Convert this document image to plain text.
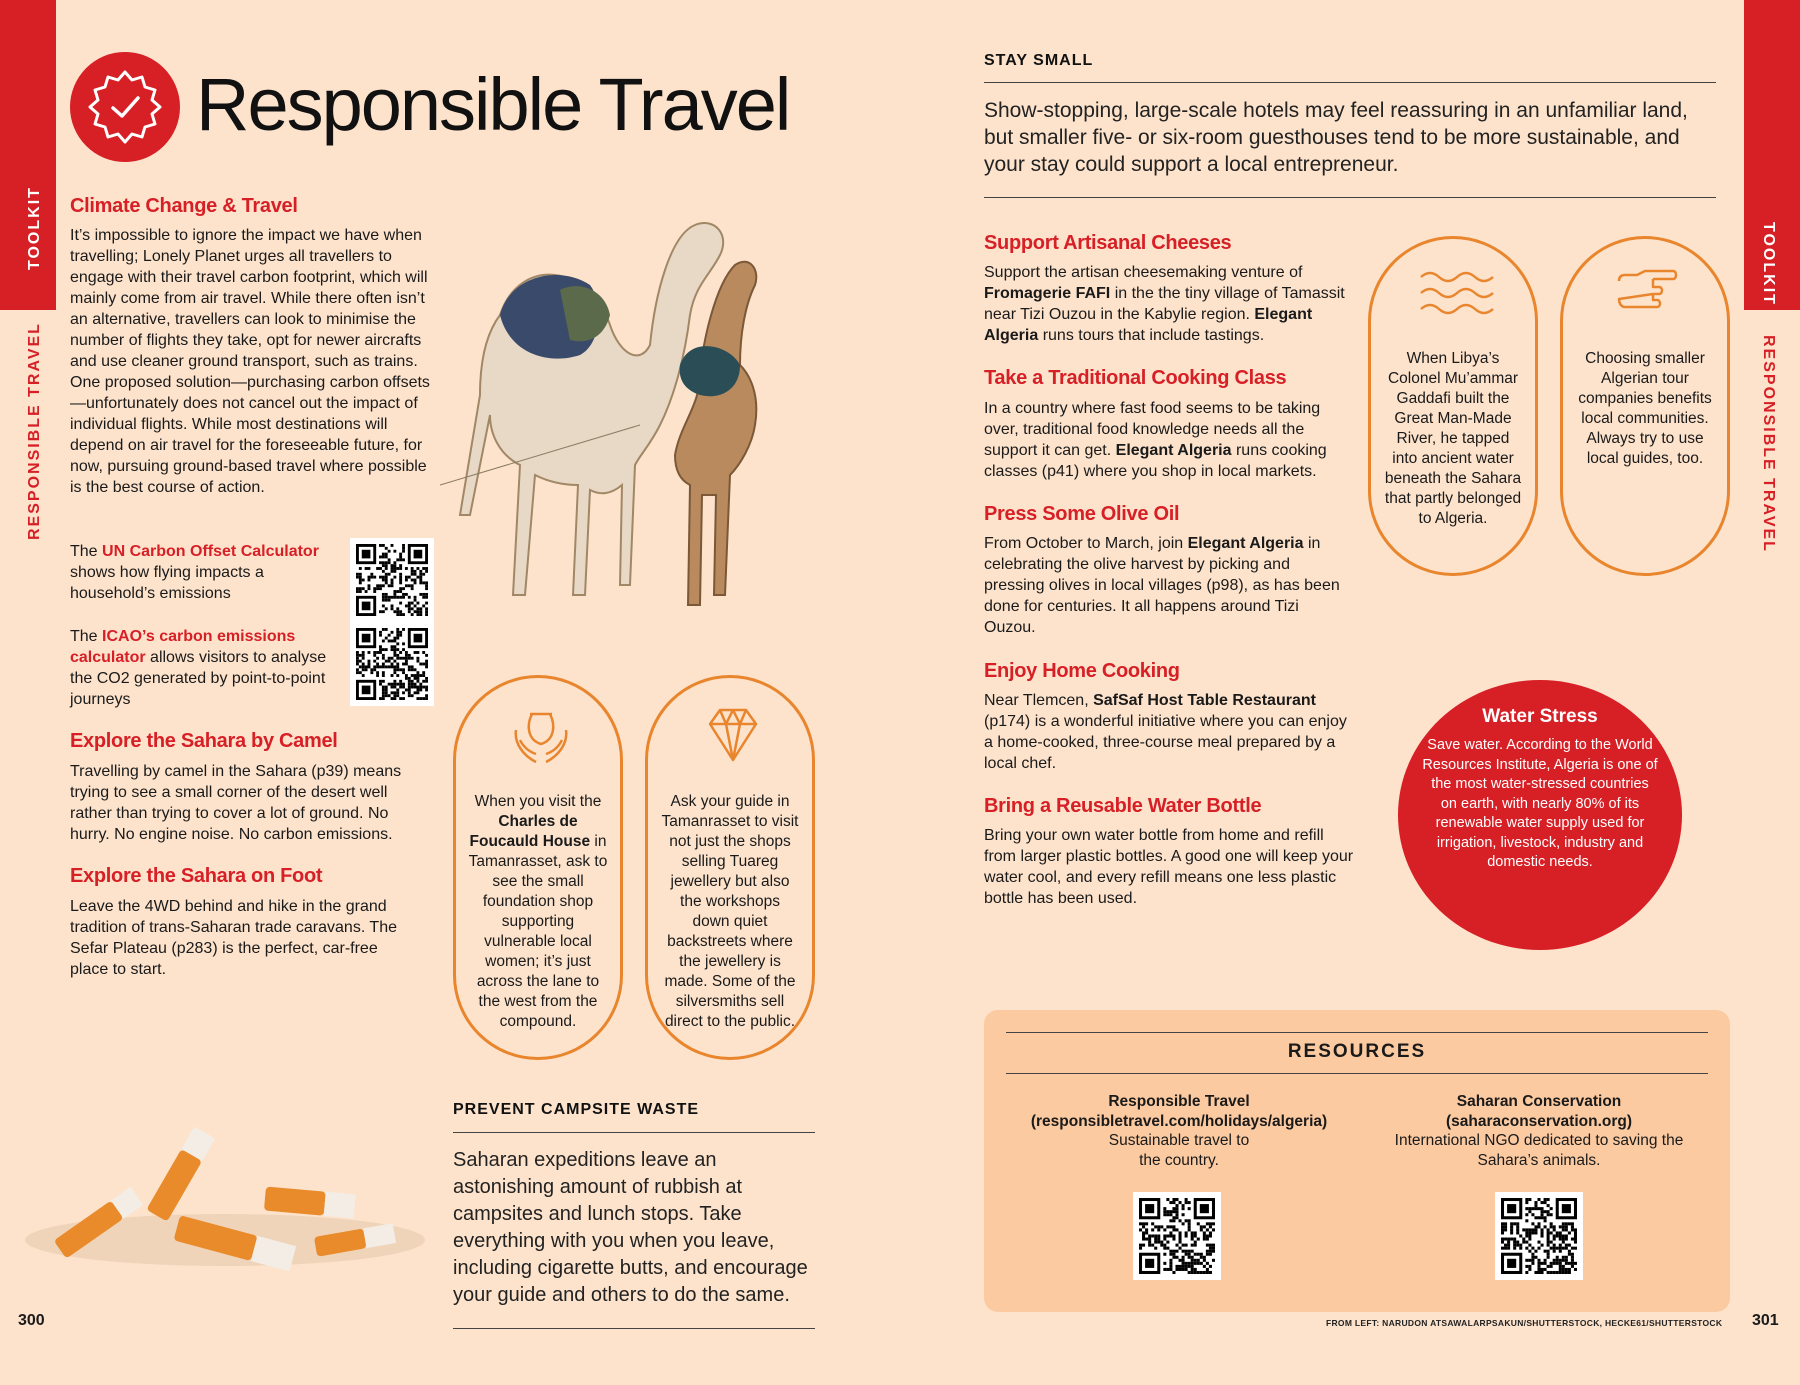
TOOLKIT
RESPONSIBLE TRAVEL
TOOLKIT
RESPONSIBLE TRAVEL
Responsible Travel
Climate Change & Travel

It’s impossible to ignore the impact we have when travelling; Lonely Planet urges all travellers to engage with their travel carbon footprint, which will mainly come from air travel. While there often isn’t an alternative, travellers can look to minimise the number of flights they take, opt for newer aircrafts and use cleaner ground transport, such as trains. One proposed solution—purchasing carbon offsets—unfortunately does not cancel out the impact of individual flights. While most destinations will depend on air travel for the foreseeable future, for now, pursuing ground-based travel where possible is the best course of action.

The UN Carbon Offset Calculator shows how flying impacts a household’s emissions

The ICAO’s carbon emissions calculator allows visitors to analyse the CO2 generated by point-to-point journeys

Explore the Sahara by Camel

Travelling by camel in the Sahara (p39) means trying to see a small corner of the desert well rather than trying to cover a lot of ground. No hurry. No engine noise. No carbon emissions.

Explore the Sahara on Foot

Leave the 4WD behind and hike in the grand tradition of trans-Saharan trade caravans. The Sefar Plateau (p283) is the perfect, car-free place to start.

When you visit the Charles de Foucauld House in Tamanrasset, ask to see the small foundation shop supporting vulnerable local women; it’s just across the lane to the west from the compound.
Ask your guide in Tamanrasset to visit not just the shops selling Tuareg jewellery but also the workshops down quiet backstreets where the jewellery is made. Some of the silversmiths sell direct to the public.
When Libya’s Colonel Mu’ammar Gaddafi built the Great Man-Made River, he tapped into ancient water beneath the Sahara that partly belonged to Algeria.
Choosing smaller Algerian tour companies benefits local communities. Always try to use local guides, too.
PREVENT CAMPSITE WASTE

Saharan expeditions leave an astonishing amount of rubbish at campsites and lunch stops. Take everything with you when you leave, including cigarette butts, and encourage your guide and others to do the same.

STAY SMALL

Show-stopping, large-scale hotels may feel reassuring in an unfamiliar land, but smaller five- or six-room guesthouses tend to be more sustainable, and your stay could support a local entrepreneur.

Support Artisanal Cheeses

Support the artisan cheesemaking venture of Fromagerie FAFI in the the tiny village of Tamassit near Tizi Ouzou in the Kabylie region. Elegant Algeria runs tours that include tastings.

Take a Traditional Cooking Class

In a country where fast food seems to be taking over, traditional food knowledge needs all the support it can get. Elegant Algeria runs cooking classes (p41) where you shop in local markets.

Press Some Olive Oil

From October to March, join Elegant Algeria in celebrating the olive harvest by picking and pressing olives in local villages (p98), as has been done for centuries. It all happens around Tizi Ouzou.

Enjoy Home Cooking

Near Tlemcen, SafSaf Host Table Restaurant (p174) is a wonderful initiative where you can enjoy a home-cooked, three-course meal prepared by a local chef.

Bring a Reusable Water Bottle

Bring your own water bottle from home and refill from larger plastic bottles. A good one will keep your water cool, and every refill means one less plastic bottle has been used.

Water Stress
Save water. According to the World Resources Institute, Algeria is one of the most water-stressed countries on earth, with nearly 80% of its renewable water supply used for irrigation, livestock, industry and domestic needs.
RESOURCES
Responsible Travel
(responsibletravel.com/holidays/algeria)
Sustainable travel to the country.
Saharan Conservation
(saharaconservation.org)
International NGO dedicated to saving the Sahara’s animals.
300	301
FROM LEFT: NARUDON ATSAWALARPSAKUN/SHUTTERSTOCK, HECKE61/SHUTTERSTOCK
